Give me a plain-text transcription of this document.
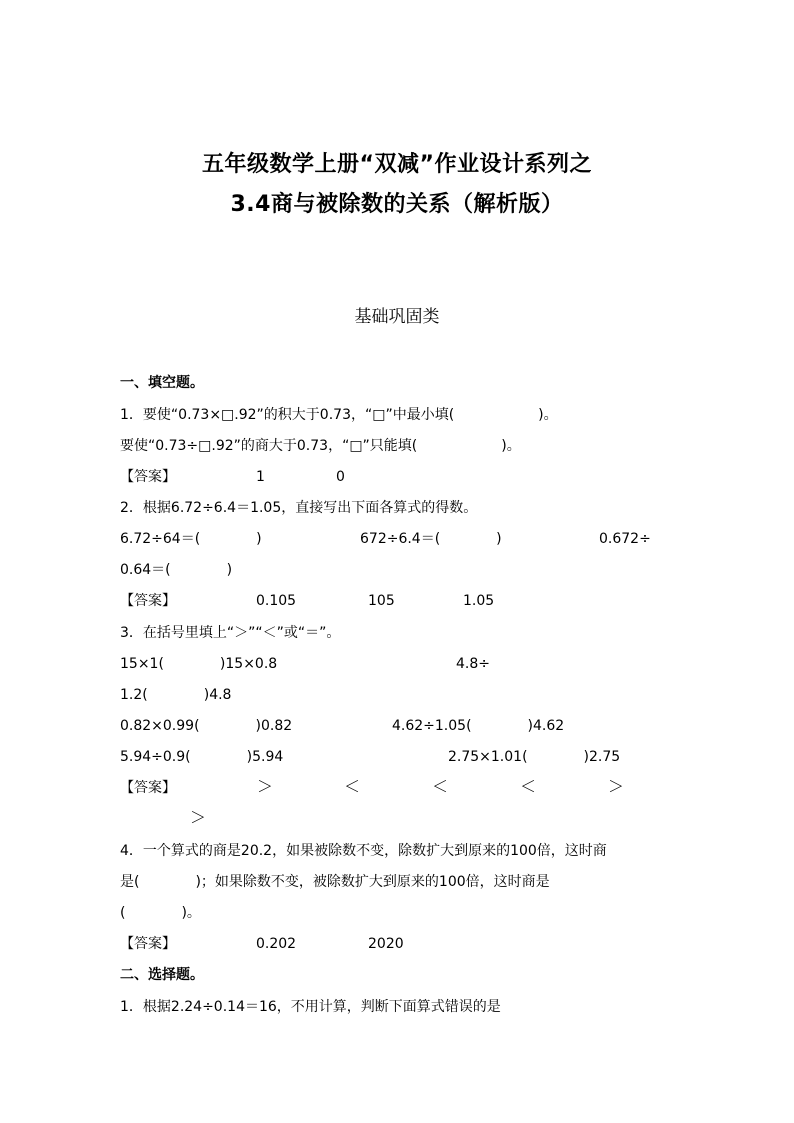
五年级数学上册“双减”作业设计系列之
3.4商与被除数的关系（解析版）
基础巩固类
一、填空题。
1．要使“0.73×□.92”的积大于0.73，“□”中最小填(　　　　　　)。
要使“0.73÷□.92”的商大于0.73，“□”只能填(　　　　　　)。
【答案】	1	0
2．根据6.72÷6.4＝1.05，直接写出下面各算式的得数。
6.72÷64＝(　　　　)	672÷6.4＝(　　　　)	0.672÷
0.64＝(　　　　)
【答案】	0.105	105	1.05
3．在括号里填上“＞”“＜”或“＝”。
15×1(　　　　)15×0.8	4.8÷
1.2(　　　　)4.8
0.82×0.99(　　　　)0.82	4.62÷1.05(　　　　)4.62
5.94÷0.9(　　　　)5.94	2.75×1.01(　　　　)2.75
【答案】	＞	＜	＜	＜	＞
＞
4．一个算式的商是20.2，如果被除数不变，除数扩大到原来的100倍，这时商
是(　　　　)；如果除数不变，被除数扩大到原来的100倍，这时商是
(　　　　)。
【答案】	0.202	2020
二、选择题。
1．根据2.24÷0.14＝16，不用计算，判断下面算式错误的是
